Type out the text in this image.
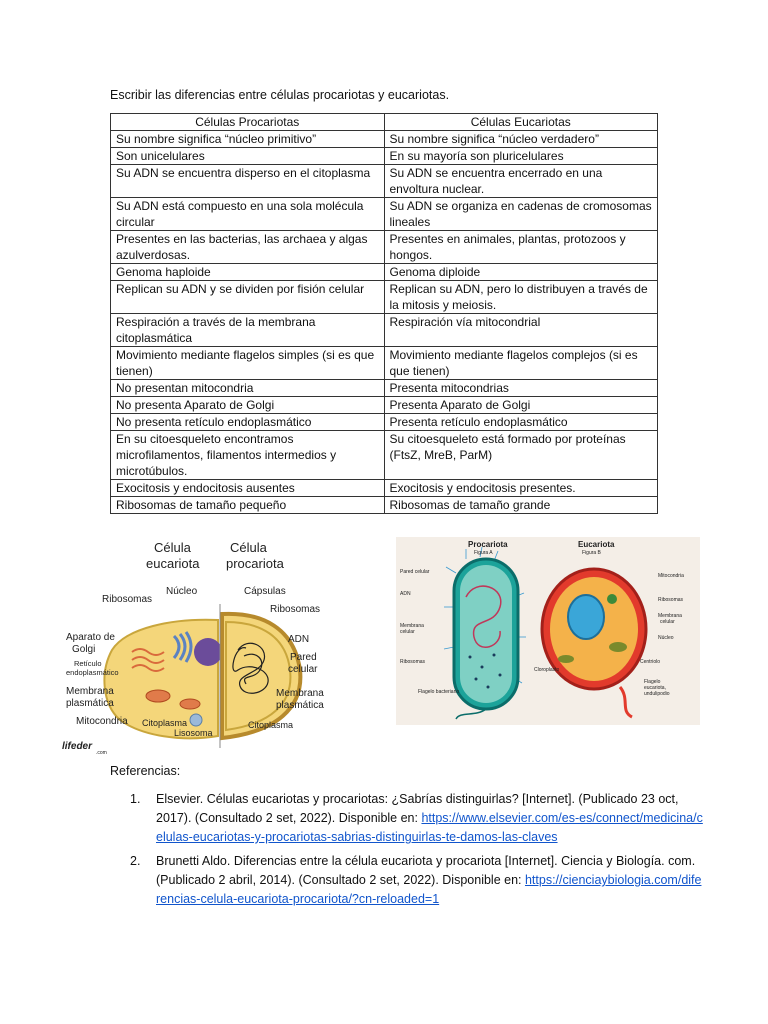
Escribir las diferencias entre células procariotas y eucariotas.
Células Procariotas	Células Eucariotas
Su nombre significa “núcleo primitivo”	Su nombre significa “núcleo verdadero”
Son unicelulares	En su mayoría son pluricelulares
Su ADN se encuentra disperso en el citoplasma	Su ADN se encuentra encerrado en una envoltura nuclear.
Su ADN está compuesto en una sola molécula circular	Su ADN se organiza en cadenas de cromosomas lineales
Presentes en las bacterias, las archaea y algas azulverdosas.	Presentes en animales, plantas, protozoos y hongos.
Genoma haploide	Genoma diploide
Replican su ADN y se dividen por fisión celular	Replican su ADN, pero lo distribuyen a través de la mitosis y meiosis.
Respiración a través de la membrana citoplasmática	Respiración vía mitocondrial
Movimiento mediante flagelos simples (si es que tienen)	Movimiento mediante flagelos complejos (si es que tienen)
No presentan mitocondria	Presenta mitocondrias
No presenta Aparato de Golgi	Presenta Aparato de Golgi
No presenta retículo endoplasmático	Presenta retículo endoplasmático
En su citoesqueleto encontramos microfilamentos, filamentos intermedios y microtúbulos.	Su citoesqueleto está formado por proteínas (FtsZ, MreB, ParM)
Exocitosis y endocitosis ausentes	Exocitosis y endocitosis presentes.
Ribosomas de tamaño pequeño	Ribosomas de tamaño grande
Célula
eucariota
Célula
procariota
Núcleo
Ribosomas
Aparato de
Golgi
Retículo
endoplasmático
Membrana
plasmática
Mitocondria Citoplasma
Lisosoma
Cápsulas
Ribosomas
ADN
Pared
celular
Membrana
plasmática
Citoplasma
lifeder
.com
Procariota
Figura A
Eucariota
Figura B
Pared celular
ADN
Membrana
celular
Ribosomas
Flagelo bacteriano
Cloroplasto
Mitocondria
Ribosomas
Membrana
celular
Núcleo
Centriolo
Flagelo
eucariota,
undulipodio
Referencias:
1. Elsevier. Células eucariotas y procariotas: ¿Sabrías distinguirlas? [Internet]. (Publicado 23 oct, 2017). (Consultado 2 set, 2022). Disponible en: https://www.elsevier.com/es-es/connect/medicina/celulas-eucariotas-y-procariotas-sabrias-distinguirlas-te-damos-las-claves
2. Brunetti Aldo. Diferencias entre la célula eucariota y procariota [Internet]. Ciencia y Biología. com. (Publicado 2 abril, 2014). (Consultado 2 set, 2022). Disponible en: https://cienciaybiologia.com/diferencias-celula-eucariota-procariota/?cn-reloaded=1
